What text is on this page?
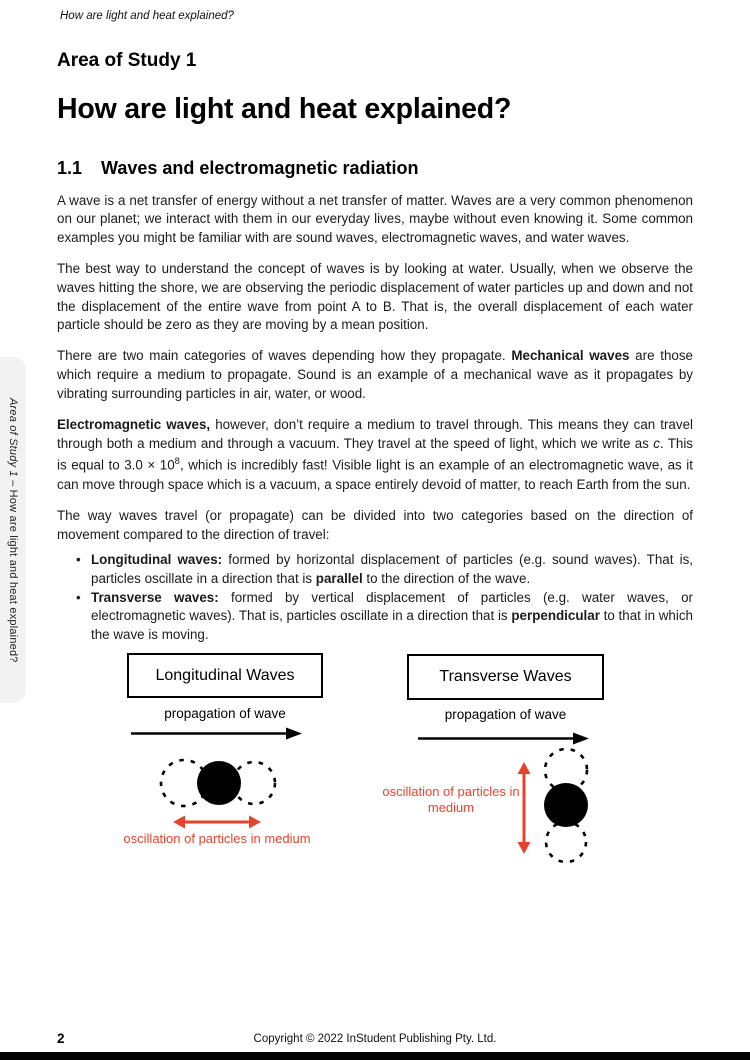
How are light and heat explained?
Area of Study 1 – How are light and heat explained?
Area of Study 1
How are light and heat explained?
1.1 Waves and electromagnetic radiation

A wave is a net transfer of energy without a net transfer of matter. Waves are a very common phenomenon on our planet; we interact with them in our everyday lives, maybe without even knowing it. Some common examples you might be familiar with are sound waves, electromagnetic waves, and water waves.

The best way to understand the concept of waves is by looking at water. Usually, when we observe the waves hitting the shore, we are observing the periodic displacement of water particles up and down and not the displacement of the entire wave from point A to B. That is, the overall displacement of each water particle should be zero as they are moving by a mean position.

There are two main categories of waves depending how they propagate. Mechanical waves are those which require a medium to propagate. Sound is an example of a mechanical wave as it propagates by vibrating surrounding particles in air, water, or wood.

Electromagnetic waves, however, don’t require a medium to travel through. This means they can travel through both a medium and through a vacuum. They travel at the speed of light, which we write as c. This is equal to $3.0 \times 10^8$, which is incredibly fast! Visible light is an example of an electromagnetic wave, as it can move through space which is a vacuum, a space entirely devoid of matter, to reach Earth from the sun.

The way waves travel (or propagate) can be divided into two categories based on the direction of movement compared to the direction of travel:

• Longitudinal waves: formed by horizontal displacement of particles (e.g. sound waves). That is, particles oscillate in a direction that is parallel to the direction of the wave.
• Transverse waves: formed by vertical displacement of particles (e.g. water waves, or electromagnetic waves). That is, particles oscillate in a direction that is perpendicular to that in which the wave is moving.
Longitudinal Waves
propagation of wave
oscillation of particles in medium
Transverse Waves
propagation of wave
oscillation of particles in medium
2	Copyright © 2022 InStudent Publishing Pty. Ltd.
